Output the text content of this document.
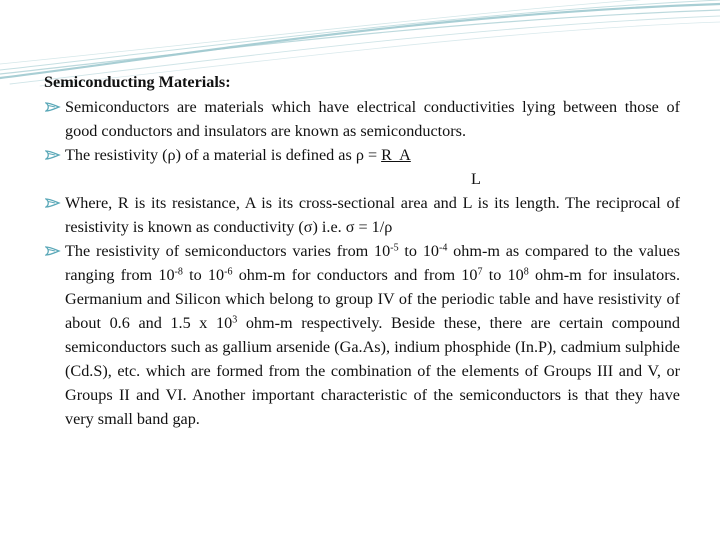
Semiconducting Materials:

Semiconductors are materials which have electrical conductivities lying between those of good conductors and insulators are known as semiconductors.

The resistivity (ρ) of a material is defined as ρ = R  A

L

Where, R is its resistance, A is its cross-sectional area and L is its length. The reciprocal of resistivity is known as conductivity (σ) i.e. σ = 1/ρ

The resistivity of semiconductors varies from $10^{-5}$ to $10^{-4}$ ohm-m as compared to the values ranging from $10^{-8}$ to $10^{-6}$ ohm-m for conductors and from $10^7$ to $10^8$ ohm-m for insulators. Germanium and Silicon which belong to group IV of the periodic table and have resistivity of about 0.6 and 1.5 x $10^3$ ohm-m respectively. Beside these, there are certain compound semiconductors such as gallium arsenide (Ga.As), indium phosphide (In.P), cadmium sulphide (Cd.S), etc. which are formed from the combination of the elements of Groups III and V, or Groups II and VI. Another important characteristic of the semiconductors is that they have very small band gap.
